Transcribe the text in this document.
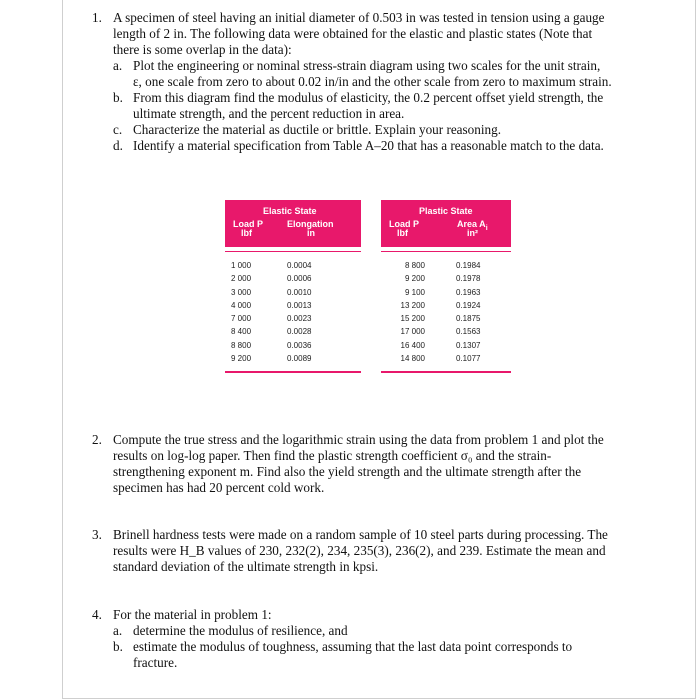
1. A specimen of steel having an initial diameter of 0.503 in was tested in tension using a gauge length of 2 in. The following data were obtained for the elastic and plastic states (Note that there is some overlap in the data):
a. Plot the engineering or nominal stress-strain diagram using two scales for the unit strain, ε, one scale from zero to about 0.02 in/in and the other scale from zero to maximum strain.
b. From this diagram find the modulus of elasticity, the 0.2 percent offset yield strength, the ultimate strength, and the percent reduction in area.
c. Characterize the material as ductile or brittle. Explain your reasoning.
d. Identify a material specification from Table A–20 that has a reasonable match to the data.
Elastic State
Load P
lbf
Elongation
in
1 000
2 000
3 000
4 000
7 000
8 400
8 800
9 200
0.0004
0.0006
0.0010
0.0013
0.0023
0.0028
0.0036
0.0089
Plastic State
Load P
lbf
Area $A_i$
in²
8 800
9 200
9 100
13 200
15 200
17 000
16 400
14 800
0.1984
0.1978
0.1963
0.1924
0.1875
0.1563
0.1307
0.1077
2. Compute the true stress and the logarithmic strain using the data from problem 1 and plot the results on log-log paper. Then find the plastic strength coefficient σ₀ and the strain-strengthening exponent m. Find also the yield strength and the ultimate strength after the specimen has had 20 percent cold work.
3. Brinell hardness tests were made on a random sample of 10 steel parts during processing. The results were H_B values of 230, 232(2), 234, 235(3), 236(2), and 239. Estimate the mean and standard deviation of the ultimate strength in kpsi.
4. For the material in problem 1:
a. determine the modulus of resilience, and
b. estimate the modulus of toughness, assuming that the last data point corresponds to fracture.
